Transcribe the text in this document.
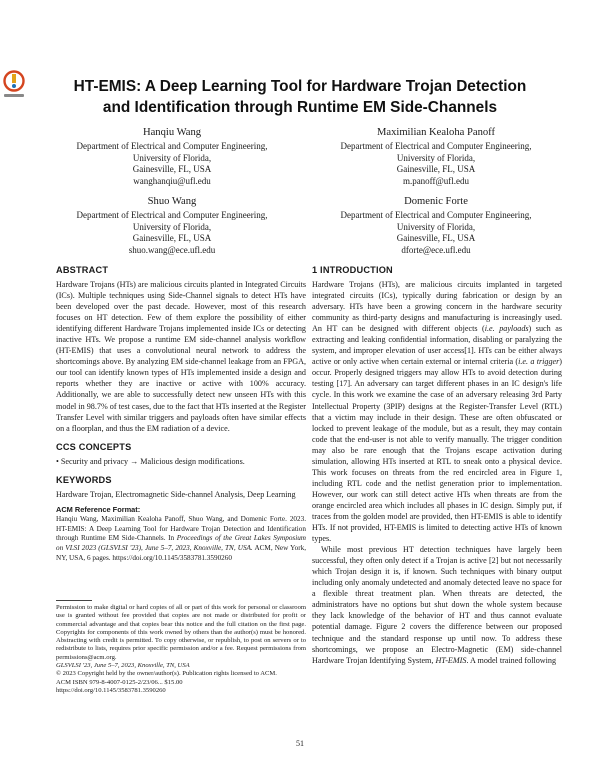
HT-EMIS: A Deep Learning Tool for Hardware Trojan Detection
and Identification through Runtime EM Side-Channels
Hanqiu Wang
Department of Electrical and Computer Engineering,
University of Florida,
Gainesville, FL, USA
wanghanqiu@ufl.edu
Maximilian Kealoha Panoff
Department of Electrical and Computer Engineering,
University of Florida,
Gainesville, FL, USA
m.panoff@ufl.edu
Shuo Wang
Department of Electrical and Computer Engineering,
University of Florida,
Gainesville, FL, USA
shuo.wang@ece.ufl.edu
Domenic Forte
Department of Electrical and Computer Engineering,
University of Florida,
Gainesville, FL, USA
dforte@ece.ufl.edu
ABSTRACT

Hardware Trojans (HTs) are malicious circuits planted in Integrated Circuits (ICs). Multiple techniques using Side-Channel signals to detect HTs have been developed over the past decade. However, most of this research focuses on HT detection. Few of them explore the possibility of either identifying different Hardware Trojans implemented inside ICs or detecting inactive HTs. We propose a runtime EM side-channel analysis workflow (HT-EMIS) that uses a convolutional neural network to address the shortcomings above. By analyzing EM side-channel leakage from an FPGA, our tool can identify known types of HTs implemented inside a design and reports whether they are inactive or active with 100% accuracy. Additionally, we are able to successfully detect new unseen HTs with this model in 98.7% of test cases, due to the fact that HTs inserted at the Register Transfer Level with similar triggers and payloads often have similar effects on a floorplan, and thus the EM radiation of a device.

CCS CONCEPTS

• Security and privacy → Malicious design modifications.

KEYWORDS

Hardware Trojan, Electromagnetic Side-channel Analysis, Deep Learning

ACM Reference Format:

Hanqiu Wang, Maximilian Kealoha Panoff, Shuo Wang, and Domenic Forte. 2023. HT-EMIS: A Deep Learning Tool for Hardware Trojan Detection and Identification through Runtime EM Side-Channels. In Proceedings of the Great Lakes Symposium on VLSI 2023 (GLSVLSI '23), June 5–7, 2023, Knoxville, TN, USA. ACM, New York, NY, USA, 6 pages. https://doi.org/10.1145/3583781.3590260

Permission to make digital or hard copies of all or part of this work for personal or classroom use is granted without fee provided that copies are not made or distributed for profit or commercial advantage and that copies bear this notice and the full citation on the first page. Copyrights for components of this work owned by others than the author(s) must be honored. Abstracting with credit is permitted. To copy otherwise, or republish, to post on servers or to redistribute to lists, requires prior specific permission and/or a fee. Request permissions from permissions@acm.org.

GLSVLSI '23, June 5–7, 2023, Knoxville, TN, USA

© 2023 Copyright held by the owner/author(s). Publication rights licensed to ACM.

ACM ISBN 979-8-4007-0125-2/23/06... $15.00

https://doi.org/10.1145/3583781.3590260

1 INTRODUCTION

Hardware Trojans (HTs), are malicious circuits implanted in targeted integrated circuits (ICs), typically during fabrication or design by an adversary. HTs have been a growing concern in the hardware security community as third-party designs and manufacturing is increasingly used. An HT can be designed with different objects (i.e. payloads) such as extracting and leaking confidential information, disabling or paralyzing the system, and improper elevation of user access[1]. HTs can be either always active or only active when certain external or internal criteria (i.e. a trigger) occur. Properly designed triggers may allow HTs to avoid detection during testing [17]. An adversary can target different phases in an IC design's life cycle. In this work we examine the case of an adversary releasing 3rd Party Intellectual Property (3PIP) designs at the Register-Transfer Level (RTL) that a victim may include in their design. These are often obfuscated or locked to prevent leakage of the module, but as a result, they may contain code that the end-user is not able to verify manually. The trigger condition may also be rare enough that the Trojans escape activation during simulation, allowing HTs inserted at RTL to sneak onto a physical device. This work focuses on threats from the red encircled area in Figure 1, including RTL code and the netlist generation prior to implementation. However, our work can still detect active HTs when threats are from the orange encircled area which includes all phases in IC design. Simply put, if traces from the golden model are provided, then HT-EMIS is able to identify HTs. If not provided, HT-EMIS is limited to detecting active HTs of known types.

While most previous HT detection techniques have largely been successful, they often only detect if a Trojan is active [2] but not necessarily which Trojan design it is, if known. Such techniques with binary output including only anomaly undetected and anomaly detected leave no space for a flexible threat treatment plan. When threats are detected, the administrators have no options but shut down the whole system because they lack knowledge of the behavior of HT and thus cannot evaluate potential damage. Figure 2 covers the difference between our proposed technique and the standard response up until now. To address these shortcomings, we propose an Electro-Magnetic (EM) side-channel Hardware Trojan Identifying System, HT-EMIS. A model trained following

51
